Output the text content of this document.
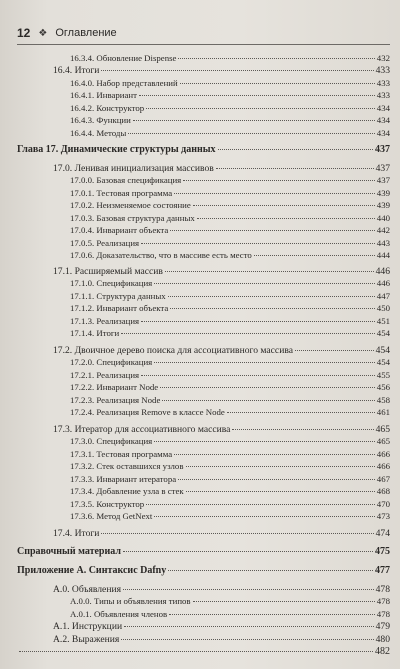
12 ❖ Оглавление
16.3.4. Обновление Dispense	432
16.4. Итоги	433
16.4.0. Набор представлений	433
16.4.1. Инвариант	433
16.4.2. Конструктор	434
16.4.3. Функции	434
16.4.4. Методы	434
Глава 17. Динамические структуры данных	437
17.0. Ленивая инициализация массивов	437
17.0.0. Базовая спецификация	437
17.0.1. Тестовая программа	439
17.0.2. Неизменяемое состояние	439
17.0.3. Базовая структура данных	440
17.0.4. Инвариант объекта	442
17.0.5. Реализация	443
17.0.6. Доказательство, что в массиве есть место	444
17.1. Расширяемый массив	446
17.1.0. Спецификация	446
17.1.1. Структура данных	447
17.1.2. Инвариант объекта	450
17.1.3. Реализация	451
17.1.4. Итоги	454
17.2. Двоичное дерево поиска для ассоциативного массива	454
17.2.0. Спецификация	454
17.2.1. Реализация	455
17.2.2. Инвариант Node	456
17.2.3. Реализация Node	458
17.2.4. Реализация Remove в классе Node	461
17.3. Итератор для ассоциативного массива	465
17.3.0. Спецификация	465
17.3.1. Тестовая программа	466
17.3.2. Стек оставшихся узлов	466
17.3.3. Инвариант итератора	467
17.3.4. Добавление узла в стек	468
17.3.5. Конструктор	470
17.3.6. Метод GetNext	473
17.4. Итоги	474
Справочный материал	475
Приложение А. Синтаксис Dafny	477
А.0. Объявления	478
А.0.0. Типы и объявления типов	478
А.0.1. Объявления членов	478
А.1. Инструкции	479
А.2. Выражения	480
482
